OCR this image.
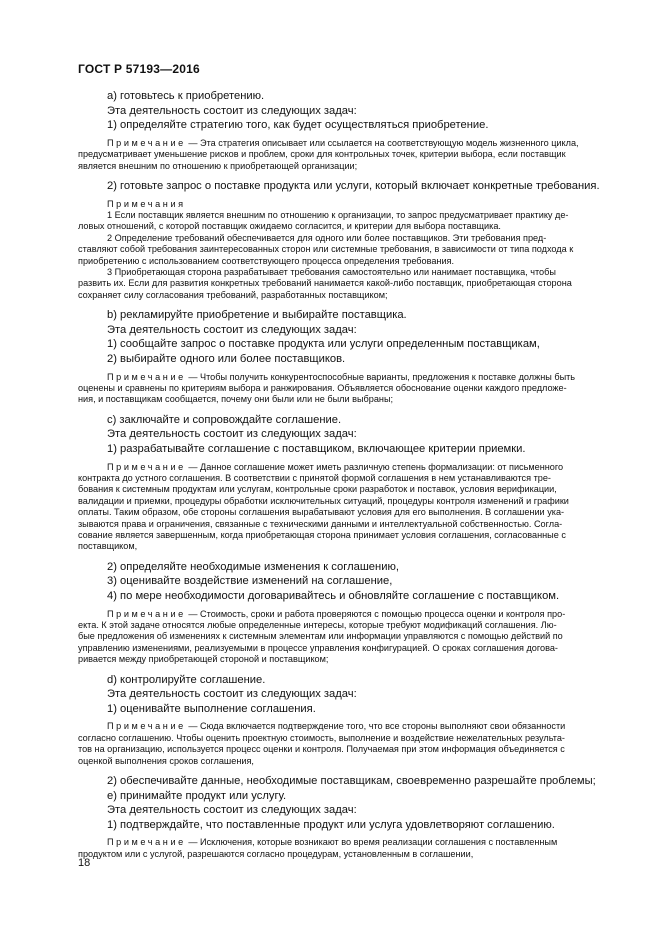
ГОСТ Р 57193—2016
а) готовьтесь к приобретению.
Эта деятельность состоит из следующих задач:
1) определяйте стратегию того, как будет осуществляться приобретение.
Примечание — Эта стратегия описывает или ссылается на соответствующую модель жизненного цикла,
предусматривает уменьшение рисков и проблем, сроки для контрольных точек, критерии выбора, если поставщик
является внешним по отношению к приобретающей организации;
2) готовьте запрос о поставке продукта или услуги, который включает конкретные требования.
Примечания
1 Если поставщик является внешним по отношению к организации, то запрос предусматривает практику де-
ловых отношений, с которой поставщик ожидаемо согласится, и критерии для выбора поставщика.
2 Определение требований обеспечивается для одного или более поставщиков. Эти требования пред-
ставляют собой требования заинтересованных сторон или системные требования, в зависимости от типа подхода к
приобретению с использованием соответствующего процесса определения требования.
3 Приобретающая сторона разрабатывает требования самостоятельно или нанимает поставщика, чтобы
развить их. Если для развития конкретных требований нанимается какой-либо поставщик, приобретающая сторона
сохраняет силу согласования требований, разработанных поставщиком;
b) рекламируйте приобретение и выбирайте поставщика.
Эта деятельность состоит из следующих задач:
1) сообщайте запрос о поставке продукта или услуги определенным поставщикам,
2) выбирайте одного или более поставщиков.
Примечание — Чтобы получить конкурентоспособные варианты, предложения к поставке должны быть
оценены и сравнены по критериям выбора и ранжирования. Объявляется обоснование оценки каждого предложе-
ния, и поставщикам сообщается, почему они были или не были выбраны;
с) заключайте и сопровождайте соглашение.
Эта деятельность состоит из следующих задач:
1) разрабатывайте соглашение с поставщиком, включающее критерии приемки.
Примечание — Данное соглашение может иметь различную степень формализации: от письменного
контракта до устного соглашения. В соответствии с принятой формой соглашения в нем устанавливаются тре-
бования к системным продуктам или услугам, контрольные сроки разработок и поставок, условия верификации,
валидации и приемки, процедуры обработки исключительных ситуаций, процедуры контроля изменений и графики
оплаты. Таким образом, обе стороны соглашения вырабатывают условия для его выполнения. В соглашении ука-
зываются права и ограничения, связанные с техническими данными и интеллектуальной собственностью. Согла-
сование является завершенным, когда приобретающая сторона принимает условия соглашения, согласованные с
поставщиком,
2) определяйте необходимые изменения к соглашению,
3) оценивайте воздействие изменений на соглашение,
4) по мере необходимости договаривайтесь и обновляйте соглашение с поставщиком.
Примечание — Стоимость, сроки и работа проверяются с помощью процесса оценки и контроля про-
екта. К этой задаче относятся любые определенные интересы, которые требуют модификаций соглашения. Лю-
бые предложения об изменениях к системным элементам или информации управляются с помощью действий по
управлению изменениями, реализуемыми в процессе управления конфигурацией. О сроках соглашения догова-
ривается между приобретающей стороной и поставщиком;
d) контролируйте соглашение.
Эта деятельность состоит из следующих задач:
1) оценивайте выполнение соглашения.
Примечание — Сюда включается подтверждение того, что все стороны выполняют свои обязанности
согласно соглашению. Чтобы оценить проектную стоимость, выполнение и воздействие нежелательных результа-
тов на организацию, используется процесс оценки и контроля. Получаемая при этом информация объединяется с
оценкой выполнения сроков соглашения,
2) обеспечивайте данные, необходимые поставщикам, своевременно разрешайте проблемы;
е) принимайте продукт или услугу.
Эта деятельность состоит из следующих задач:
1) подтверждайте, что поставленные продукт или услуга удовлетворяют соглашению.
Примечание — Исключения, которые возникают во время реализации соглашения с поставленным
продуктом или с услугой, разрешаются согласно процедурам, установленным в соглашении,
18
